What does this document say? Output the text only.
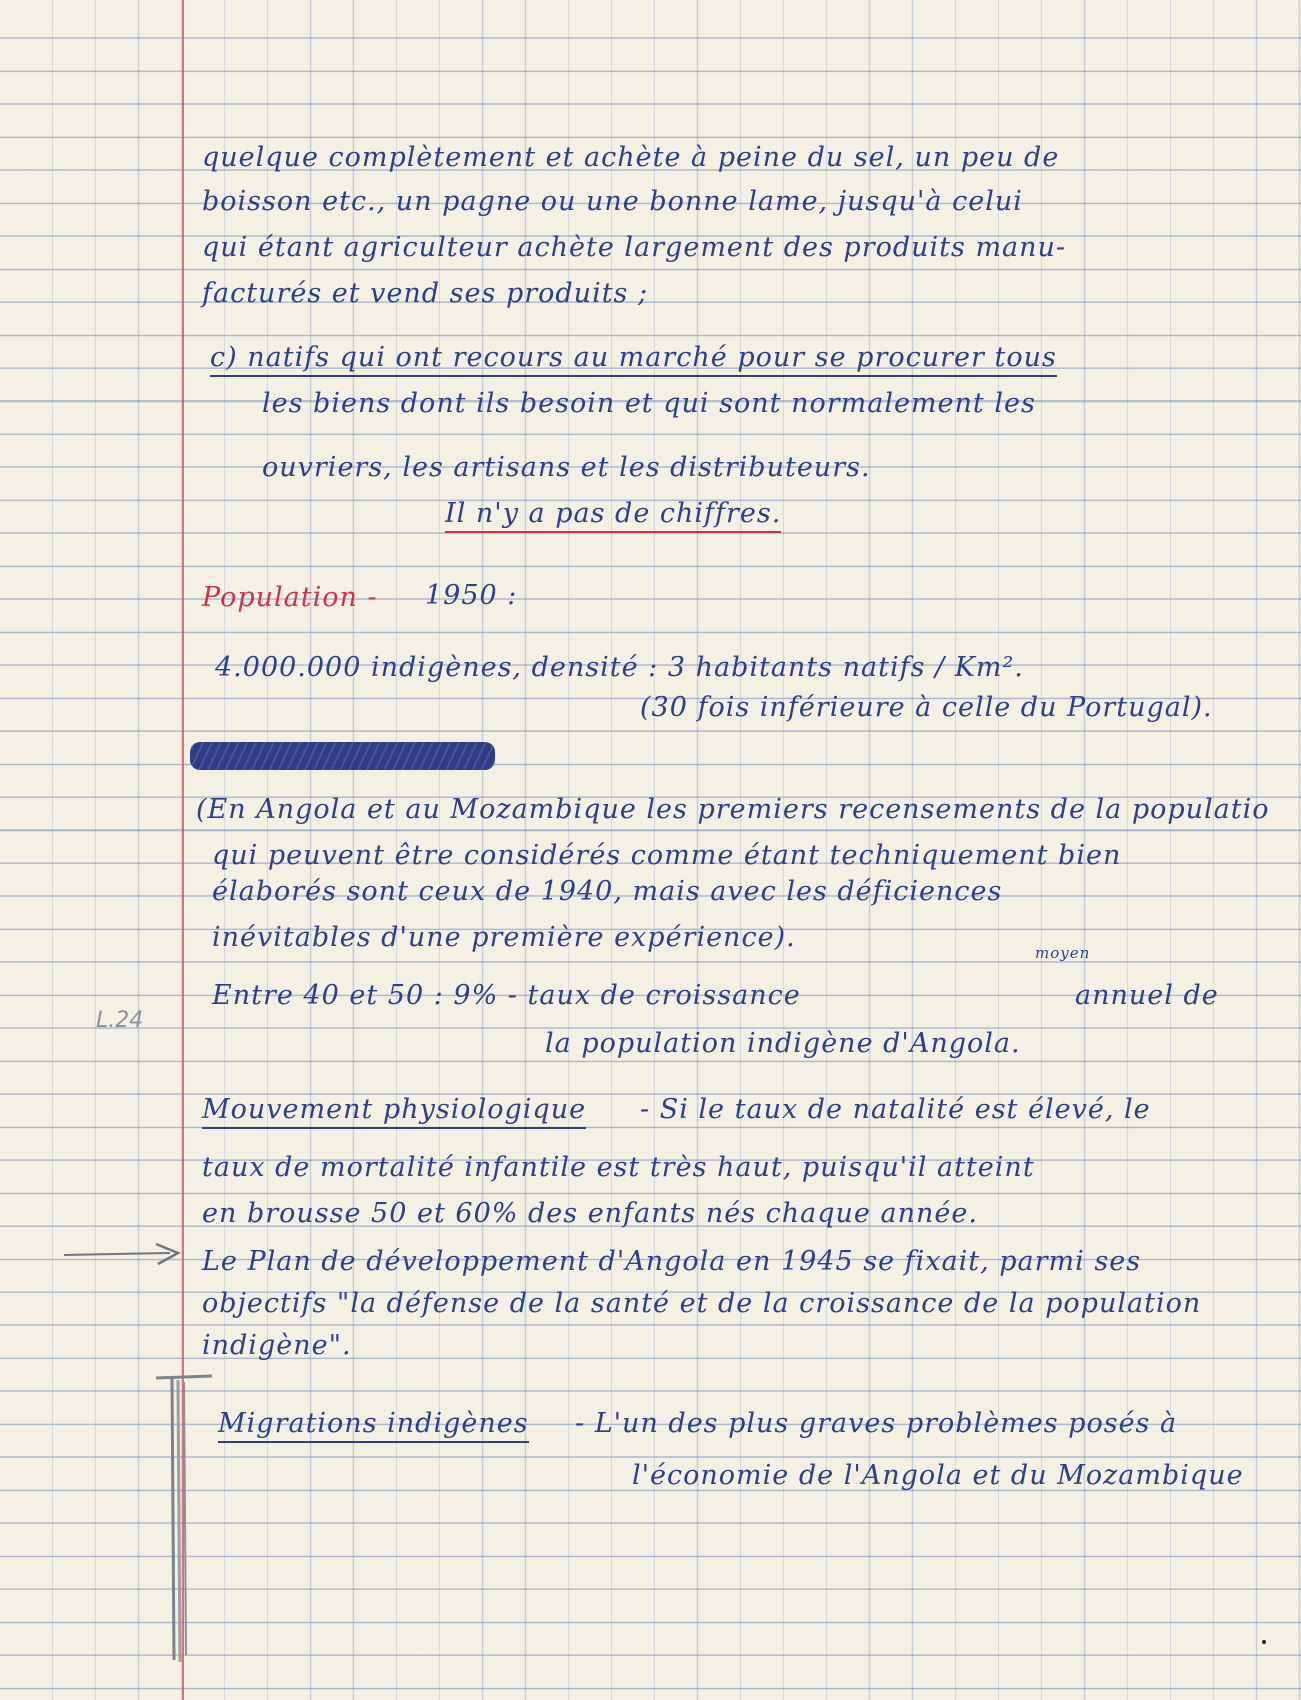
quelque complètement et achète à peine du sel, un peu de
boisson etc., un pagne ou une bonne lame, jusqu'à celui
qui étant agriculteur achète largement des produits manu-
facturés et vend ses produits ;
c) natifs qui ont recours au marché pour se procurer tous
les biens dont ils besoin et qui sont normalement les
ouvriers, les artisans et les distributeurs.
Il n'y a pas de chiffres.
Population - 1950 :
4.000.000 indigènes, densité : 3 habitants natifs / Km².
(30 fois inférieure à celle du Portugal).
(En Angola et au Mozambique les premiers recensements de la populatio
qui peuvent être considérés comme étant techniquement bien
élaborés sont ceux de 1940, mais avec les déficiences
inévitables d'une première expérience).
Entre 40 et 50 : 9% - taux de croissance
moyen
annuel de
la population indigène d'Angola.
Mouvement physiologique - Si le taux de natalité est élevé, le
taux de mortalité infantile est très haut, puisqu'il atteint
en brousse 50 et 60% des enfants nés chaque année.
Le Plan de développement d'Angola en 1945 se fixait, parmi ses
objectifs "la défense de la santé et de la croissance de la population
indigène".
Migrations indigènes - L'un des plus graves problèmes posés à
l'économie de l'Angola et du Mozambique
L.24
